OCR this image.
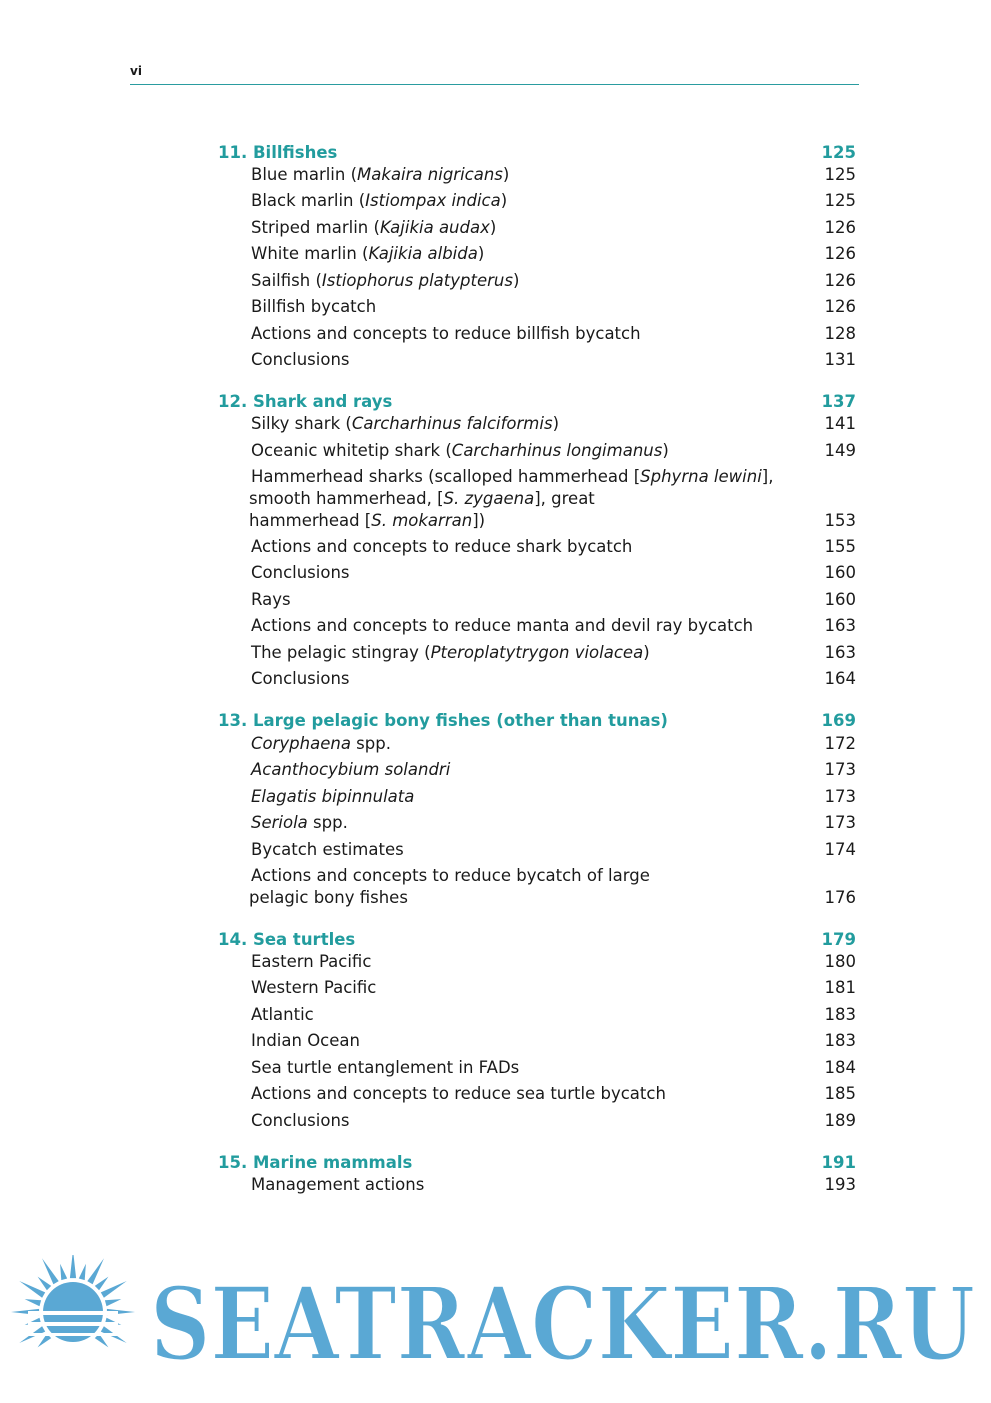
vi
11. Billfishes	125
Blue marlin (Makaira nigricans)	125
Black marlin (Istiompax indica)	125
Striped marlin (Kajikia audax)	126
White marlin (Kajikia albida)	126
Sailfish (Istiophorus platypterus)	126
Billfish bycatch	126
Actions and concepts to reduce billfish bycatch	128
Conclusions	131
12. Shark and rays	137
Silky shark (Carcharhinus falciformis)	141
Oceanic whitetip shark (Carcharhinus longimanus)	149
Hammerhead sharks (scalloped hammerhead [Sphyrna lewini],
smooth hammerhead, [S. zygaena], great
hammerhead [S. mokarran])	153
Actions and concepts to reduce shark bycatch	155
Conclusions	160
Rays	160
Actions and concepts to reduce manta and devil ray bycatch	163
The pelagic stingray (Pteroplatytrygon violacea)	163
Conclusions	164
13. Large pelagic bony fishes (other than tunas)	169
Coryphaena spp.	172
Acanthocybium solandri	173
Elagatis bipinnulata	173
Seriola spp.	173
Bycatch estimates	174
Actions and concepts to reduce bycatch of large
pelagic bony fishes	176
14. Sea turtles	179
Eastern Pacific	180
Western Pacific	181
Atlantic	183
Indian Ocean	183
Sea turtle entanglement in FADs	184
Actions and concepts to reduce sea turtle bycatch	185
Conclusions	189
15. Marine mammals	191
Management actions	193
SEATRACKER.RU
